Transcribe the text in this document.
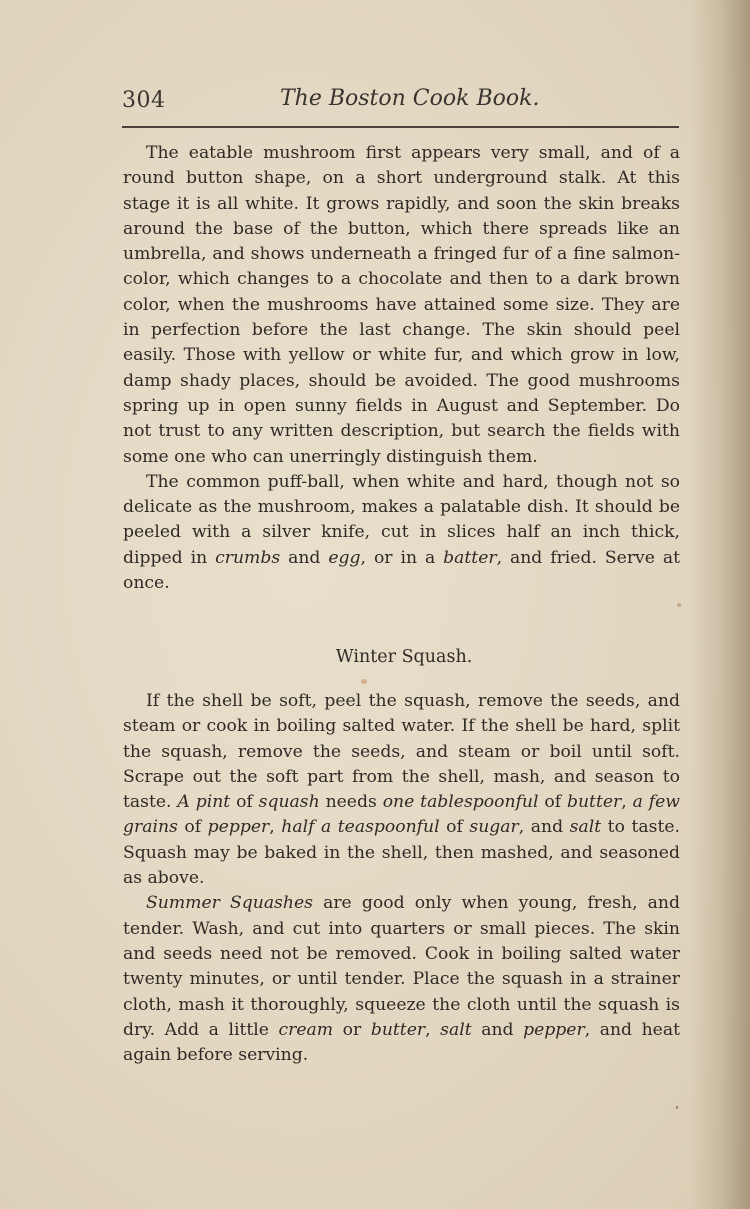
304	The Boston Cook Book.

The eatable mushroom first appears very small, and of a round button shape, on a short underground stalk. At this stage it is all white. It grows rapidly, and soon the skin breaks around the base of the button, which there spreads like an umbrella, and shows underneath a fringed fur of a fine salmon-color, which changes to a chocolate and then to a dark brown color, when the mushrooms have attained some size. They are in perfection before the last change. The skin should peel easily. Those with yellow or white fur, and which grow in low, damp shady places, should be avoided. The good mushrooms spring up in open sunny fields in August and September. Do not trust to any written description, but search the fields with some one who can unerringly distinguish them.

The common puff-ball, when white and hard, though not so delicate as the mushroom, makes a palatable dish. It should be peeled with a silver knife, cut in slices half an inch thick, dipped in crumbs and egg, or in a batter, and fried. Serve at once.

Winter Squash.

If the shell be soft, peel the squash, remove the seeds, and steam or cook in boiling salted water. If the shell be hard, split the squash, remove the seeds, and steam or boil until soft. Scrape out the soft part from the shell, mash, and season to taste. A pint of squash needs one tablespoonful of butter, a few grains of pepper, half a teaspoonful of sugar, and salt to taste. Squash may be baked in the shell, then mashed, and seasoned as above.

Summer Squashes are good only when young, fresh, and tender. Wash, and cut into quarters or small pieces. The skin and seeds need not be removed. Cook in boiling salted water twenty minutes, or until tender. Place the squash in a strainer cloth, mash it thoroughly, squeeze the cloth until the squash is dry. Add a little cream or butter, salt and pepper, and heat again before serving.
